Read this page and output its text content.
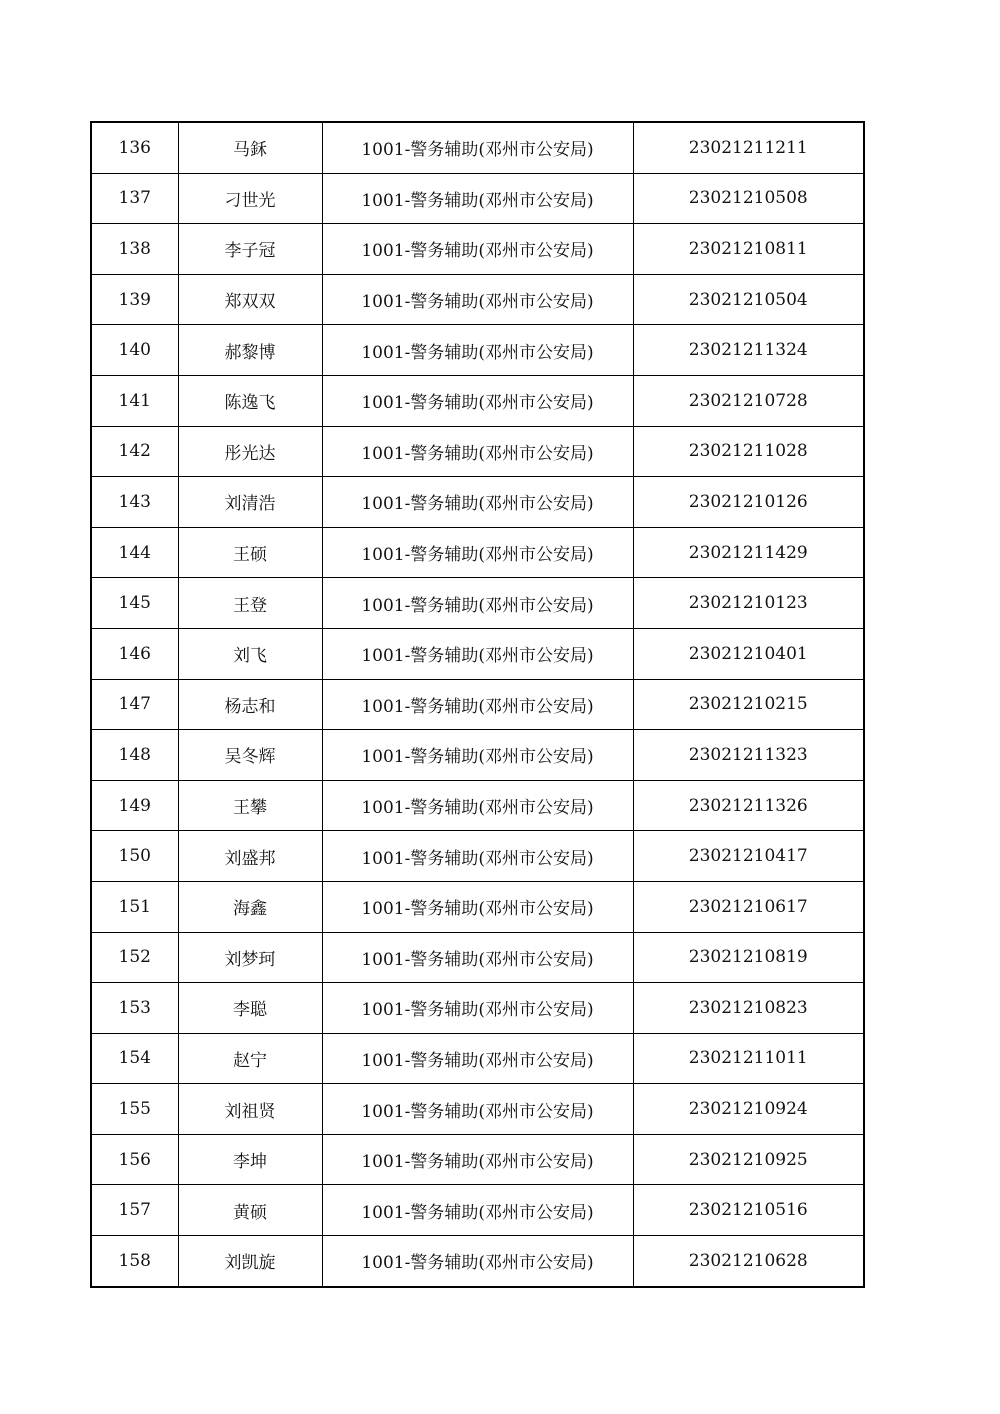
136	马鉌	1001-警务辅助(邓州市公安局)	23021211211
137	刁世光	1001-警务辅助(邓州市公安局)	23021210508
138	李子冠	1001-警务辅助(邓州市公安局)	23021210811
139	郑双双	1001-警务辅助(邓州市公安局)	23021210504
140	郝黎博	1001-警务辅助(邓州市公安局)	23021211324
141	陈逸飞	1001-警务辅助(邓州市公安局)	23021210728
142	彤光达	1001-警务辅助(邓州市公安局)	23021211028
143	刘清浩	1001-警务辅助(邓州市公安局)	23021210126
144	王硕	1001-警务辅助(邓州市公安局)	23021211429
145	王登	1001-警务辅助(邓州市公安局)	23021210123
146	刘飞	1001-警务辅助(邓州市公安局)	23021210401
147	杨志和	1001-警务辅助(邓州市公安局)	23021210215
148	吴冬辉	1001-警务辅助(邓州市公安局)	23021211323
149	王攀	1001-警务辅助(邓州市公安局)	23021211326
150	刘盛邦	1001-警务辅助(邓州市公安局)	23021210417
151	海鑫	1001-警务辅助(邓州市公安局)	23021210617
152	刘梦珂	1001-警务辅助(邓州市公安局)	23021210819
153	李聪	1001-警务辅助(邓州市公安局)	23021210823
154	赵宁	1001-警务辅助(邓州市公安局)	23021211011
155	刘祖贤	1001-警务辅助(邓州市公安局)	23021210924
156	李坤	1001-警务辅助(邓州市公安局)	23021210925
157	黄硕	1001-警务辅助(邓州市公安局)	23021210516
158	刘凯旋	1001-警务辅助(邓州市公安局)	23021210628
